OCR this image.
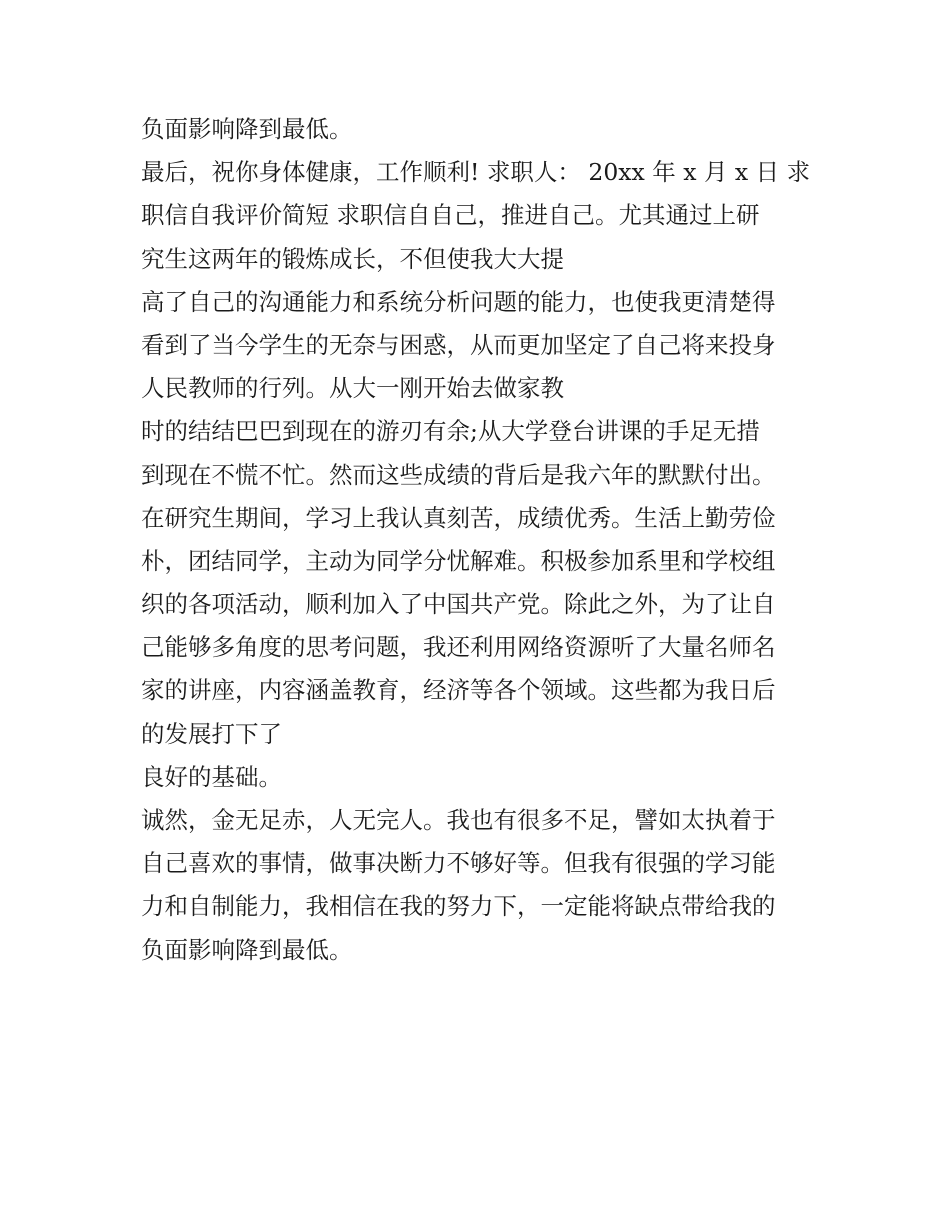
负面影响降到最低。
最后，祝你身体健康，工作顺利! 求职人： 20xx 年 x 月 x 日 求
职信自我评价简短 求职信自自己，推进自己。尤其通过上研
究生这两年的锻炼成长，不但使我大大提
高了自己的沟通能力和系统分析问题的能力，也使我更清楚得
看到了当今学生的无奈与困惑，从而更加坚定了自己将来投身
人民教师的行列。从大一刚开始去做家教
时的结结巴巴到现在的游刃有余;从大学登台讲课的手足无措
到现在不慌不忙。然而这些成绩的背后是我六年的默默付出。
在研究生期间，学习上我认真刻苦，成绩优秀。生活上勤劳俭
朴，团结同学，主动为同学分忧解难。积极参加系里和学校组
织的各项活动，顺利加入了中国共产党。除此之外，为了让自
己能够多角度的思考问题，我还利用网络资源听了大量名师名
家的讲座，内容涵盖教育，经济等各个领域。这些都为我日后
的发展打下了
良好的基础。
诚然，金无足赤，人无完人。我也有很多不足，譬如太执着于
自己喜欢的事情，做事决断力不够好等。但我有很强的学习能
力和自制能力，我相信在我的努力下，一定能将缺点带给我的
负面影响降到最低。
